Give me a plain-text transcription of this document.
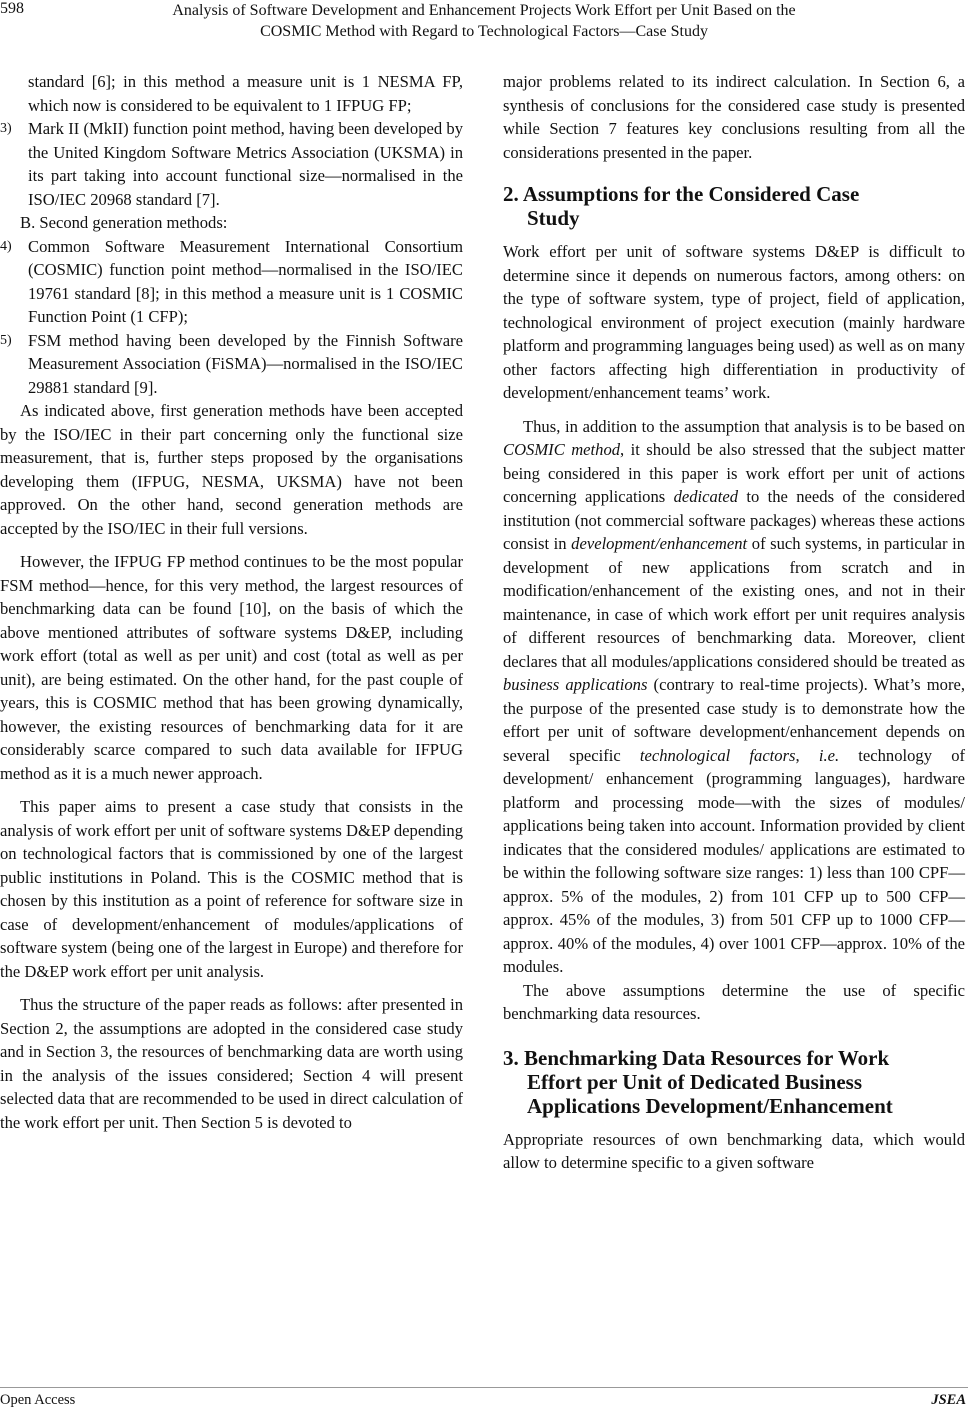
598	Analysis of Software Development and Enhancement Projects Work Effort per Unit Based on the
COSMIC Method with Regard to Technological Factors—Case Study

standard [6]; in this method a measure unit is 1 NESMA FP, which now is considered to be equivalent to 1 IFPUG FP;

3) Mark II (MkII) function point method, having been developed by the United Kingdom Software Metrics Association (UKSMA) in its part taking into account functional size—normalised in the ISO/IEC 20968 standard [7].

B. Second generation methods:

4) Common Software Measurement International Consortium (COSMIC) function point method—normalised in the ISO/IEC 19761 standard [8]; in this method a measure unit is 1 COSMIC Function Point (1 CFP);

5) FSM method having been developed by the Finnish Software Measurement Association (FiSMA)—normalised in the ISO/IEC 29881 standard [9].

As indicated above, first generation methods have been accepted by the ISO/IEC in their part concerning only the functional size measurement, that is, further steps proposed by the organisations developing them (IFPUG, NESMA, UKSMA) have not been approved. On the other hand, second generation methods are accepted by the ISO/IEC in their full versions.

However, the IFPUG FP method continues to be the most popular FSM method—hence, for this very method, the largest resources of benchmarking data can be found [10], on the basis of which the above mentioned attributes of software systems D&EP, including work effort (total as well as per unit) and cost (total as well as per unit), are being estimated. On the other hand, for the past couple of years, this is COSMIC method that has been growing dynamically, however, the existing resources of benchmarking data for it are considerably scarce compared to such data available for IFPUG method as it is a much newer approach.

This paper aims to present a case study that consists in the analysis of work effort per unit of software systems D&EP depending on technological factors that is commissioned by one of the largest public institutions in Poland. This is the COSMIC method that is chosen by this institution as a point of reference for software size in case of development/enhancement of modules/applications of software system (being one of the largest in Europe) and therefore for the D&EP work effort per unit analysis.

Thus the structure of the paper reads as follows: after presented in Section 2, the assumptions are adopted in the considered case study and in Section 3, the resources of benchmarking data are worth using in the analysis of the issues considered; Section 4 will present selected data that are recommended to be used in direct calculation of the work effort per unit. Then Section 5 is devoted to

major problems related to its indirect calculation. In Section 6, a synthesis of conclusions for the considered case study is presented while Section 7 features key conclusions resulting from all the considerations presented in the paper.

2. Assumptions for the Considered Case
Study

Work effort per unit of software systems D&EP is difficult to determine since it depends on numerous factors, among others: on the type of software system, type of project, field of application, technological environment of project execution (mainly hardware platform and programming languages being used) as well as on many other factors affecting high differentiation in productivity of development/enhancement teams’ work.

Thus, in addition to the assumption that analysis is to be based on COSMIC method, it should be also stressed that the subject matter being considered in this paper is work effort per unit of actions concerning applications dedicated to the needs of the considered institution (not commercial software packages) whereas these actions consist in development/enhancement of such systems, in particular in development of new applications from scratch and in modification/enhancement of the existing ones, and not in their maintenance, in case of which work effort per unit requires analysis of different resources of benchmarking data. Moreover, client declares that all modules/applications considered should be treated as business applications (contrary to real-time projects). What’s more, the purpose of the presented case study is to demonstrate how the effort per unit of software development/enhancement depends on several specific technological factors, i.e. technology of development/ enhancement (programming languages), hardware platform and processing mode—with the sizes of modules/ applications being taken into account. Information provided by client indicates that the considered modules/ applications are estimated to be within the following software size ranges: 1) less than 100 CPF—approx. 5% of the modules, 2) from 101 CFP up to 500 CFP—approx. 45% of the modules, 3) from 501 CFP up to 1000 CFP—approx. 40% of the modules, 4) over 1001 CFP—approx. 10% of the modules.

The above assumptions determine the use of specific benchmarking data resources.

3. Benchmarking Data Resources for Work
Effort per Unit of Dedicated Business
Applications Development/Enhancement

Appropriate resources of own benchmarking data, which would allow to determine specific to a given software

Open Access	JSEA
